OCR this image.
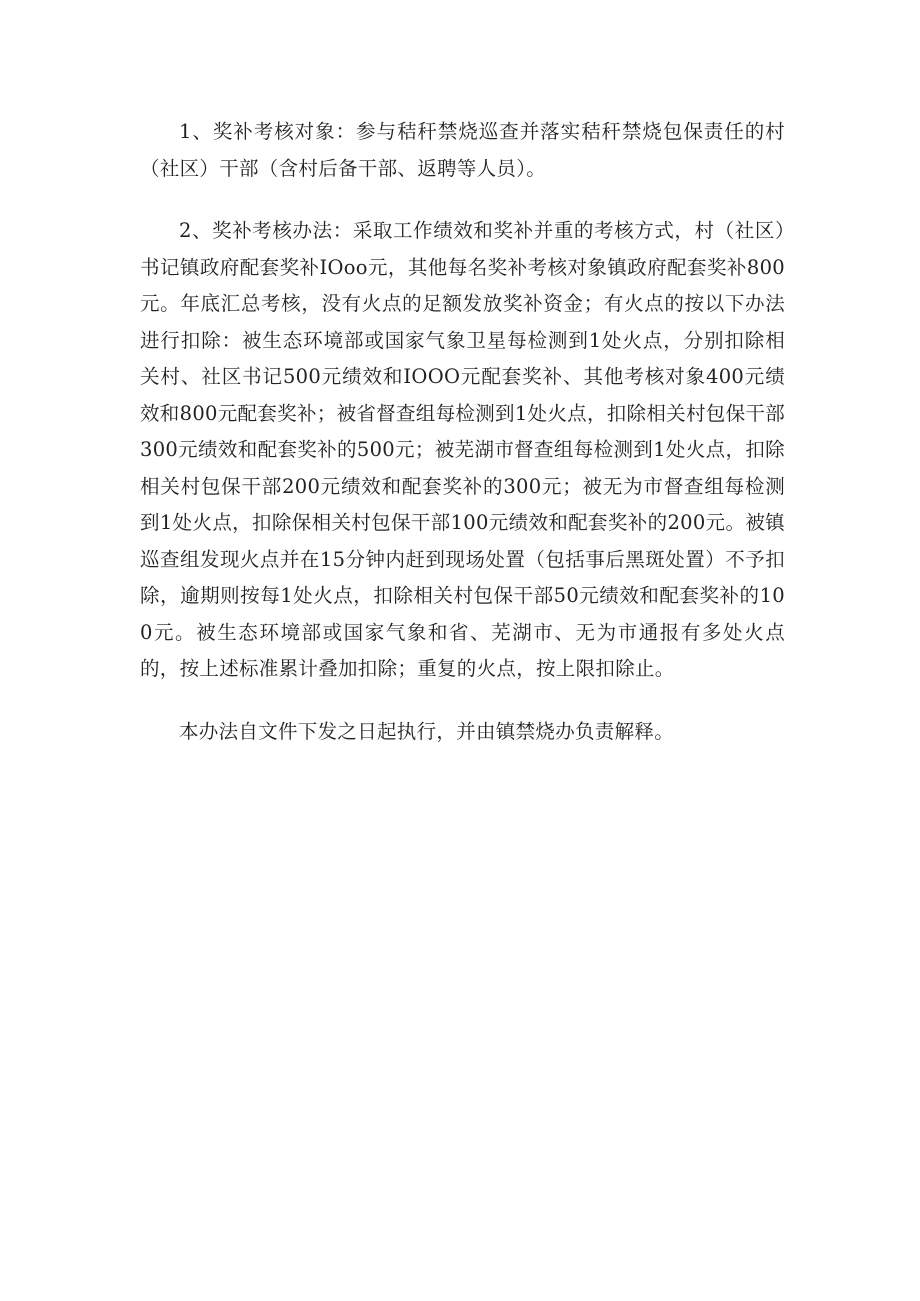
1、奖补考核对象：参与秸秆禁烧巡查并落实秸秆禁烧包保责任的村（社区）干部（含村后备干部、返聘等人员）。

2、奖补考核办法：采取工作绩效和奖补并重的考核方式，村（社区）书记镇政府配套奖补IOoo元，其他每名奖补考核对象镇政府配套奖补800元。年底汇总考核，没有火点的足额发放奖补资金；有火点的按以下办法进行扣除：被生态环境部或国家气象卫星每检测到1处火点，分别扣除相关村、社区书记500元绩效和IOOO元配套奖补、其他考核对象400元绩效和800元配套奖补；被省督查组每检测到1处火点，扣除相关村包保干部300元绩效和配套奖补的500元；被芜湖市督查组每检测到1处火点，扣除相关村包保干部200元绩效和配套奖补的300元；被无为市督查组每检测到1处火点，扣除保相关村包保干部100元绩效和配套奖补的200元。被镇巡查组发现火点并在15分钟内赶到现场处置（包括事后黑斑处置）不予扣除，逾期则按每1处火点，扣除相关村包保干部50元绩效和配套奖补的100元。被生态环境部或国家气象和省、芜湖市、无为市通报有多处火点的，按上述标准累计叠加扣除；重复的火点，按上限扣除止。

本办法自文件下发之日起执行，并由镇禁烧办负责解释。
